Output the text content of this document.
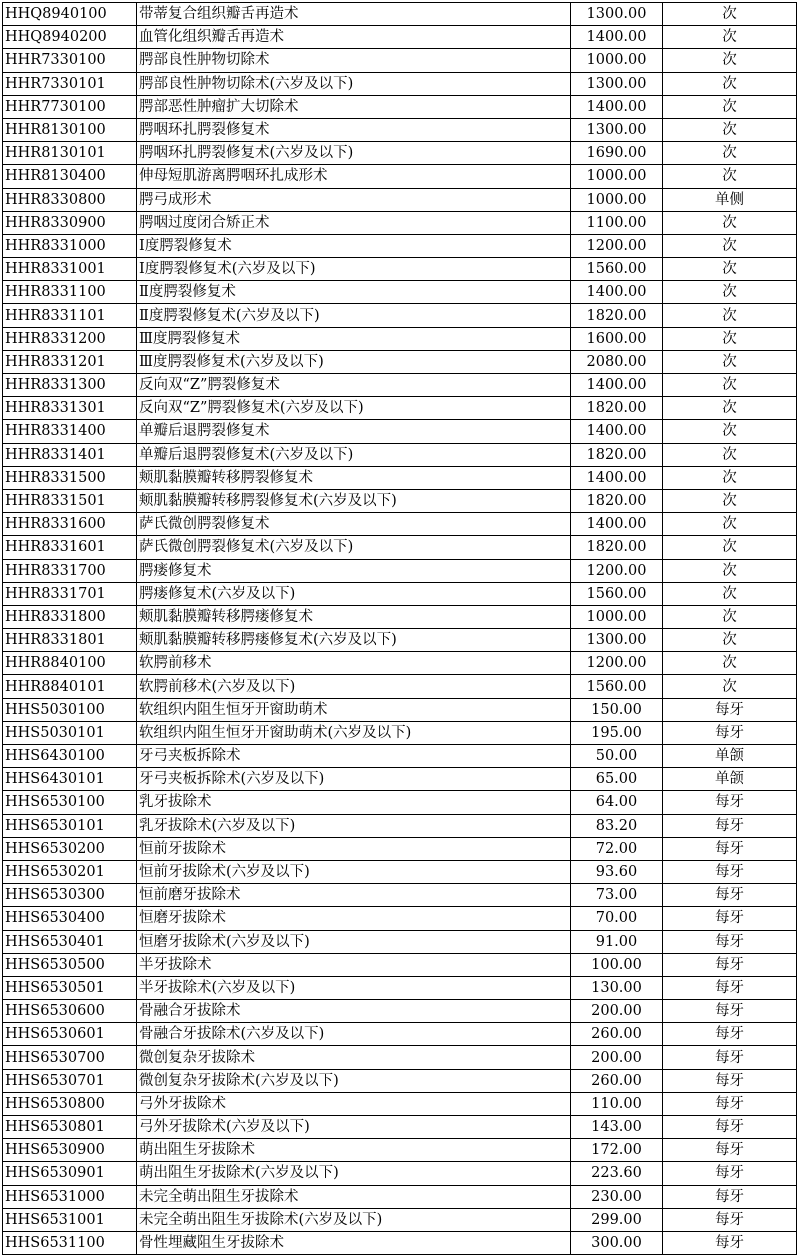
HHQ8940100	带蒂复合组织瓣舌再造术	1300.00	次
HHQ8940200	血管化组织瓣舌再造术	1400.00	次
HHR7330100	腭部良性肿物切除术	1000.00	次
HHR7330101	腭部良性肿物切除术(六岁及以下)	1300.00	次
HHR7730100	腭部恶性肿瘤扩大切除术	1400.00	次
HHR8130100	腭咽环扎腭裂修复术	1300.00	次
HHR8130101	腭咽环扎腭裂修复术(六岁及以下)	1690.00	次
HHR8130400	伸母短肌游离腭咽环扎成形术	1000.00	次
HHR8330800	腭弓成形术	1000.00	单侧
HHR8330900	腭咽过度闭合矫正术	1100.00	次
HHR8331000	Ⅰ度腭裂修复术	1200.00	次
HHR8331001	Ⅰ度腭裂修复术(六岁及以下)	1560.00	次
HHR8331100	Ⅱ度腭裂修复术	1400.00	次
HHR8331101	Ⅱ度腭裂修复术(六岁及以下)	1820.00	次
HHR8331200	Ⅲ度腭裂修复术	1600.00	次
HHR8331201	Ⅲ度腭裂修复术(六岁及以下)	2080.00	次
HHR8331300	反向双“Z”腭裂修复术	1400.00	次
HHR8331301	反向双“Z”腭裂修复术(六岁及以下)	1820.00	次
HHR8331400	单瓣后退腭裂修复术	1400.00	次
HHR8331401	单瓣后退腭裂修复术(六岁及以下)	1820.00	次
HHR8331500	颊肌黏膜瓣转移腭裂修复术	1400.00	次
HHR8331501	颊肌黏膜瓣转移腭裂修复术(六岁及以下)	1820.00	次
HHR8331600	萨氏微创腭裂修复术	1400.00	次
HHR8331601	萨氏微创腭裂修复术(六岁及以下)	1820.00	次
HHR8331700	腭瘘修复术	1200.00	次
HHR8331701	腭瘘修复术(六岁及以下)	1560.00	次
HHR8331800	颊肌黏膜瓣转移腭瘘修复术	1000.00	次
HHR8331801	颊肌黏膜瓣转移腭瘘修复术(六岁及以下)	1300.00	次
HHR8840100	软腭前移术	1200.00	次
HHR8840101	软腭前移术(六岁及以下)	1560.00	次
HHS5030100	软组织内阻生恒牙开窗助萌术	150.00	每牙
HHS5030101	软组织内阻生恒牙开窗助萌术(六岁及以下)	195.00	每牙
HHS6430100	牙弓夹板拆除术	50.00	单颌
HHS6430101	牙弓夹板拆除术(六岁及以下)	65.00	单颌
HHS6530100	乳牙拔除术	64.00	每牙
HHS6530101	乳牙拔除术(六岁及以下)	83.20	每牙
HHS6530200	恒前牙拔除术	72.00	每牙
HHS6530201	恒前牙拔除术(六岁及以下)	93.60	每牙
HHS6530300	恒前磨牙拔除术	73.00	每牙
HHS6530400	恒磨牙拔除术	70.00	每牙
HHS6530401	恒磨牙拔除术(六岁及以下)	91.00	每牙
HHS6530500	半牙拔除术	100.00	每牙
HHS6530501	半牙拔除术(六岁及以下)	130.00	每牙
HHS6530600	骨融合牙拔除术	200.00	每牙
HHS6530601	骨融合牙拔除术(六岁及以下)	260.00	每牙
HHS6530700	微创复杂牙拔除术	200.00	每牙
HHS6530701	微创复杂牙拔除术(六岁及以下)	260.00	每牙
HHS6530800	弓外牙拔除术	110.00	每牙
HHS6530801	弓外牙拔除术(六岁及以下)	143.00	每牙
HHS6530900	萌出阻生牙拔除术	172.00	每牙
HHS6530901	萌出阻生牙拔除术(六岁及以下)	223.60	每牙
HHS6531000	未完全萌出阻生牙拔除术	230.00	每牙
HHS6531001	未完全萌出阻生牙拔除术(六岁及以下)	299.00	每牙
HHS6531100	骨性埋藏阻生牙拔除术	300.00	每牙
